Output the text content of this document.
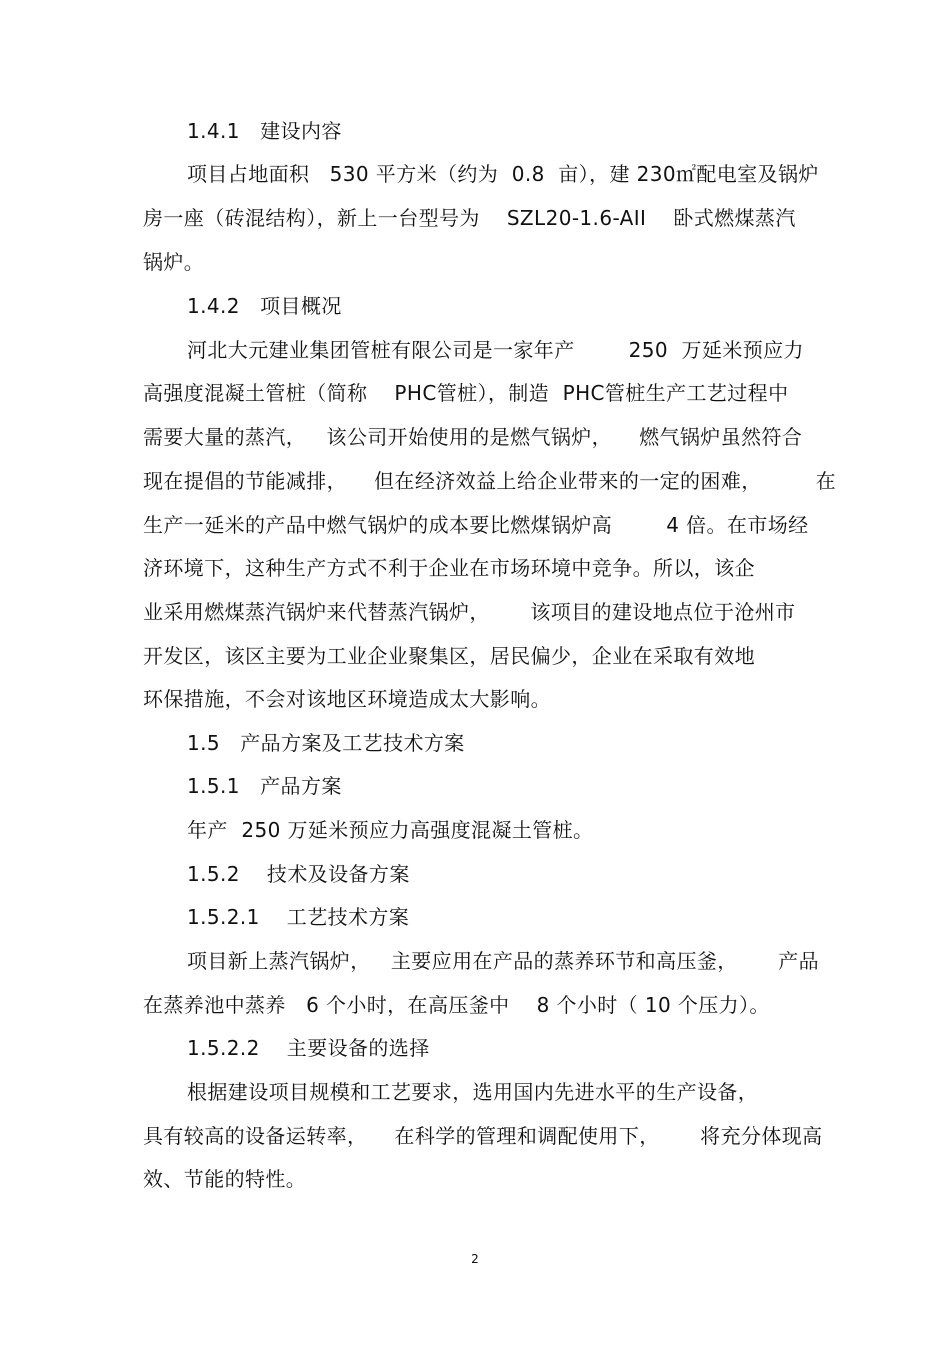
1.4.1   建设内容
项目占地面积   530 平方米（约为  0.8  亩），建 230㎡配电室及锅炉
房一座（砖混结构），新上一台型号为    SZL20-1.6-AII    卧式燃煤蒸汽
锅炉。
1.4.2   项目概况
河北大元建业集团管桩有限公司是一家年产        250  万延米预应力
高强度混凝土管桩（简称    PHC管桩），制造  PHC管桩生产工艺过程中
需要大量的蒸汽，   该公司开始使用的是燃气锅炉，    燃气锅炉虽然符合
现在提倡的节能减排，    但在经济效益上给企业带来的一定的困难，        在
生产一延米的产品中燃气锅炉的成本要比燃煤锅炉高        4 倍。在市场经
济环境下，这种生产方式不利于企业在市场环境中竞争。所以，该企
业采用燃煤蒸汽锅炉来代替蒸汽锅炉，      该项目的建设地点位于沧州市
开发区，该区主要为工业企业聚集区，居民偏少，企业在采取有效地
环保措施，不会对该地区环境造成太大影响。
1.5   产品方案及工艺技术方案
1.5.1   产品方案
年产  250 万延米预应力高强度混凝土管桩。
1.5.2    技术及设备方案
1.5.2.1    工艺技术方案
项目新上蒸汽锅炉，   主要应用在产品的蒸养环节和高压釜，      产品
在蒸养池中蒸养   6 个小时，在高压釜中    8 个小时（ 10 个压力）。
1.5.2.2    主要设备的选择
根据建设项目规模和工艺要求，选用国内先进水平的生产设备，
具有较高的设备运转率，    在科学的管理和调配使用下，      将充分体现高
效、节能的特性。
2
